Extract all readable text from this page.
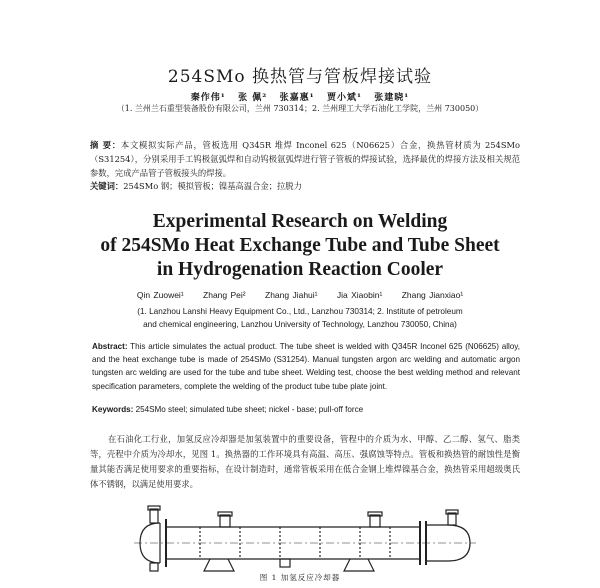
254SMo 换热管与管板焊接试验
秦作伟¹ 张 佩² 张嘉惠¹ 贾小斌¹ 张建晓¹
（1. 兰州兰石重型装备股份有限公司，兰州 730314；2. 兰州理工大学石油化工学院，兰州 730050）
摘 要：本文模拟实际产品，管板选用 Q345R 堆焊 Inconel 625（N06625）合金，换热管材质为 254SMo（S31254），分别采用手工钨极氩弧焊和自动钨极氩弧焊进行管子管板的焊接试验，选择最优的焊接方法及相关规范参数，完成产品管子管板接头的焊接。
关键词：254SMo 钢；模拟管板；镍基高温合金；拉脱力
Experimental Research on Welding
of 254SMo Heat Exchange Tube and Tube Sheet
in Hydrogenation Reaction Cooler
Qin Zuowei¹ Zhang Pei² Zhang Jiahui¹ Jia Xiaobin¹ Zhang Jianxiao¹
(1. Lanzhou Lanshi Heavy Equipment Co., Ltd., Lanzhou 730314; 2. Institute of petroleum
and chemical engineering, Lanzhou University of Technology, Lanzhou 730050, China)
Abstract: This article simulates the actual product. The tube sheet is welded with Q345R Inconel 625 (N06625) alloy, and the heat exchange tube is made of 254SMo (S31254). Manual tungsten argon arc welding and automatic argon tungsten arc welding are used for the tube and tube sheet. Welding test, choose the best welding method and relevant specification parameters, complete the welding of the product tube tube plate joint.
Keywords: 254SMo steel; simulated tube sheet; nickel - base; pull-off force
在石油化工行业，加氢反应冷却器是加氢装置中的重要设备，管程中的介质为水、甲醇、乙二醇、氢气、脂类等，壳程中介质为冷却水，见图 1。换热器的工作环境具有高温、高压、强腐蚀等特点。管板和换热管的耐蚀性是衡量其能否满足使用要求的重要指标，在设计制造时，通常管板采用在低合金钢上堆焊镍基合金，换热管采用超级奥氏体不锈钢，以满足使用要求。
图 1 加氢反应冷却器
